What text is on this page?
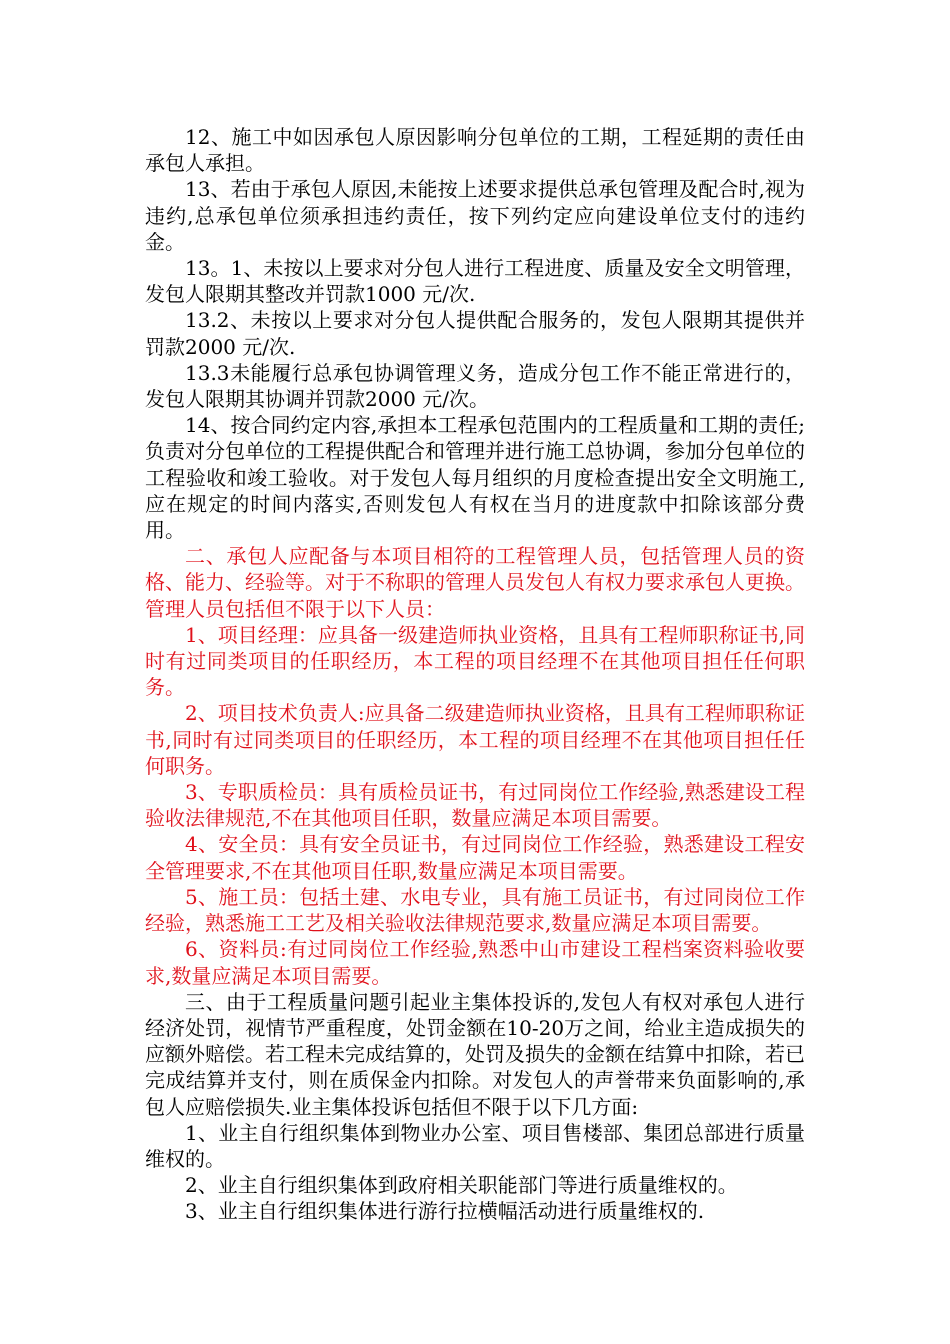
12、施工中如因承包人原因影响分包单位的工期，工程延期的责任由承包人承担。

13、若由于承包人原因,未能按上述要求提供总承包管理及配合时,视为违约,总承包单位须承担违约责任，按下列约定应向建设单位支付的违约金。

13。1、未按以上要求对分包人进行工程进度、质量及安全文明管理，发包人限期其整改并罚款1000 元/次.

13.2、未按以上要求对分包人提供配合服务的，发包人限期其提供并罚款2000 元/次.

13.3未能履行总承包协调管理义务，造成分包工作不能正常进行的，发包人限期其协调并罚款2000 元/次。

14、按合同约定内容,承担本工程承包范围内的工程质量和工期的责任;负责对分包单位的工程提供配合和管理并进行施工总协调，参加分包单位的工程验收和竣工验收。对于发包人每月组织的月度检查提出安全文明施工,应在规定的时间内落实,否则发包人有权在当月的进度款中扣除该部分费用。

二、承包人应配备与本项目相符的工程管理人员，包括管理人员的资格、能力、经验等。对于不称职的管理人员发包人有权力要求承包人更换。管理人员包括但不限于以下人员：

1、项目经理：应具备一级建造师执业资格，且具有工程师职称证书,同时有过同类项目的任职经历，本工程的项目经理不在其他项目担任任何职务。

2、项目技术负责人:应具备二级建造师执业资格，且具有工程师职称证书,同时有过同类项目的任职经历，本工程的项目经理不在其他项目担任任何职务。

3、专职质检员：具有质检员证书，有过同岗位工作经验,熟悉建设工程验收法律规范,不在其他项目任职，数量应满足本项目需要。

4、安全员：具有安全员证书，有过同岗位工作经验，熟悉建设工程安全管理要求,不在其他项目任职,数量应满足本项目需要。

5、施工员：包括土建、水电专业，具有施工员证书，有过同岗位工作经验，熟悉施工工艺及相关验收法律规范要求,数量应满足本项目需要。

6、资料员:有过同岗位工作经验,熟悉中山市建设工程档案资料验收要求,数量应满足本项目需要。

三、由于工程质量问题引起业主集体投诉的,发包人有权对承包人进行经济处罚，视情节严重程度，处罚金额在10-20万之间，给业主造成损失的应额外赔偿。若工程未完成结算的，处罚及损失的金额在结算中扣除，若已完成结算并支付，则在质保金内扣除。对发包人的声誉带来负面影响的,承包人应赔偿损失.业主集体投诉包括但不限于以下几方面:

1、业主自行组织集体到物业办公室、项目售楼部、集团总部进行质量维权的。

2、业主自行组织集体到政府相关职能部门等进行质量维权的。

3、业主自行组织集体进行游行拉横幅活动进行质量维权的.
